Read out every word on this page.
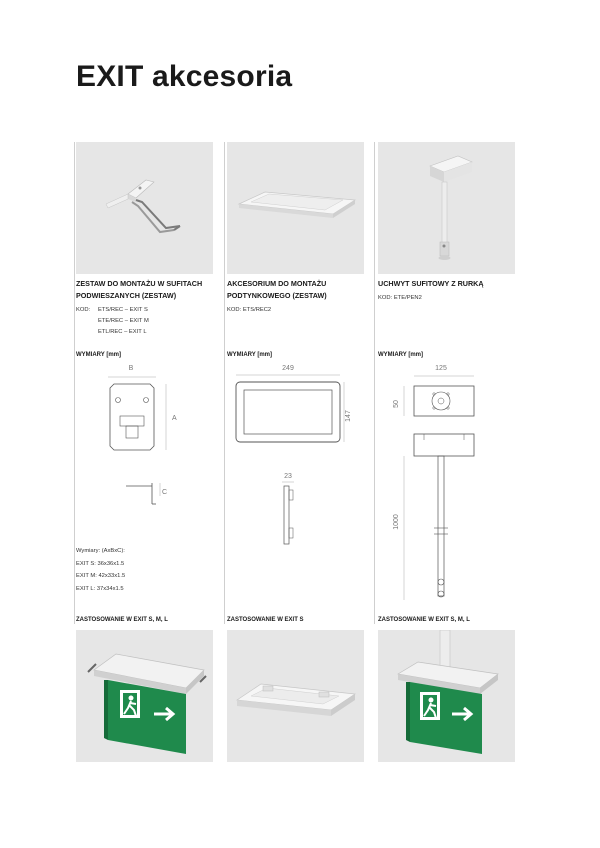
EXIT akcesoria
ZESTAW DO MONTAŻU W SUFITACH PODWIESZANYCH (ZESTAW)
KOD: ETS/REC – EXIT S
ETE/REC – EXIT M
ETL/REC – EXIT L
AKCESORIUM DO MONTAŻU PODTYNKOWEGO (ZESTAW)
KOD: ETS/REC2
UCHWYT SUFITOWY Z RURKĄ
KOD: ETE/PEN2
WYMIARY [mm]	WYMIARY [mm]	WYMIARY [mm]
B
A
C
249
147
23
125
50
1000
Wymiary: (AxBxC):
EXIT S: 36x36x1.5
EXIT M: 42x33x1.5
EXIT L: 37x34x1.5
ZASTOSOWANIE W EXIT S, M, L	ZASTOSOWANIE W EXIT S	ZASTOSOWANIE W EXIT S, M, L
